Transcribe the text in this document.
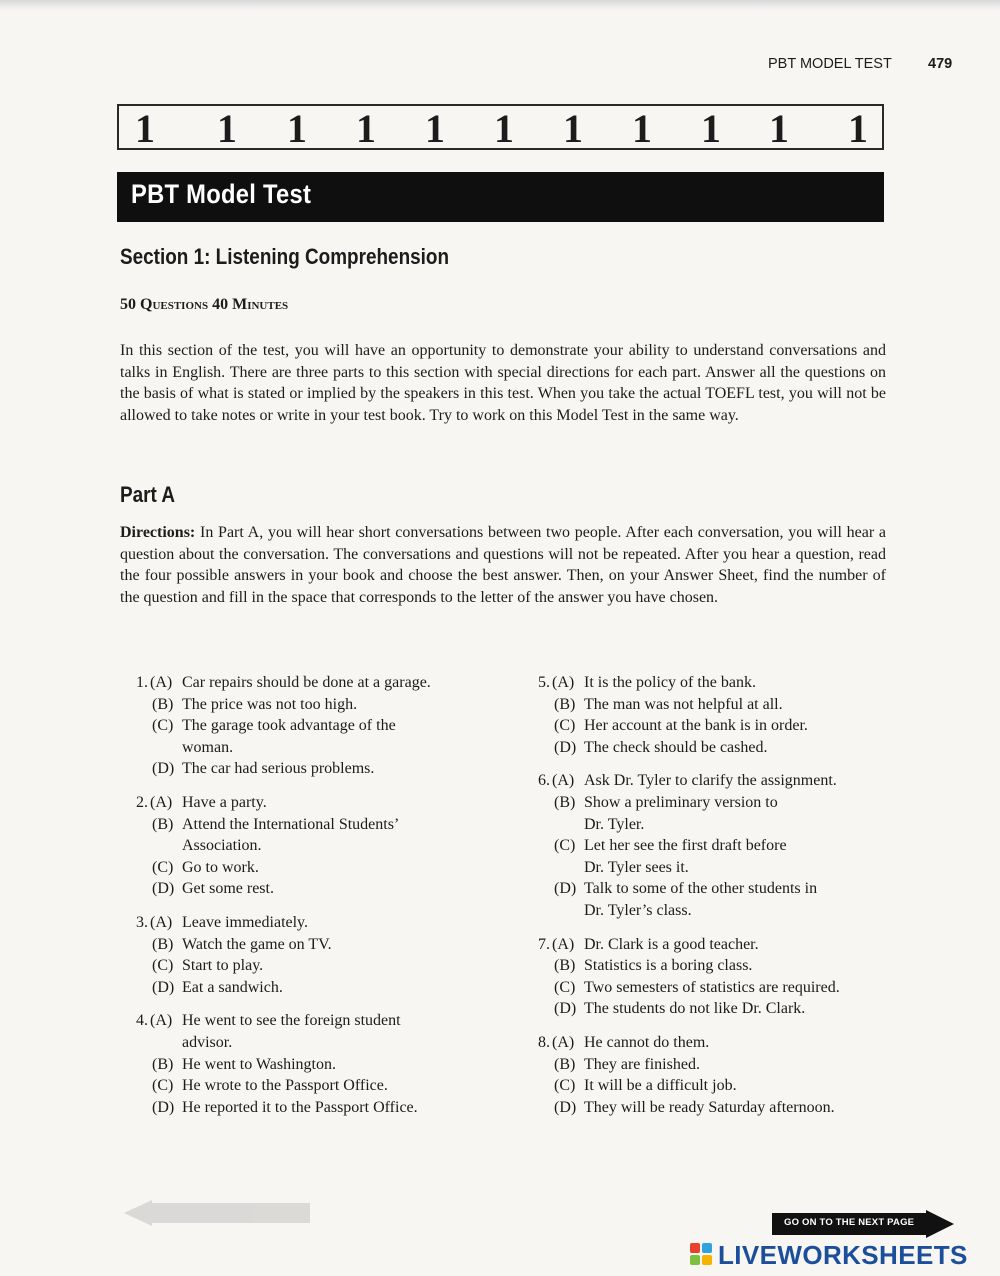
PBT MODEL TEST 479
1 1 1 1 1 1 1 1 1 1 1
PBT Model Test
Section 1: Listening Comprehension
50 Questions 40 Minutes

In this section of the test, you will have an opportunity to demonstrate your ability to understand conversations and talks in English. There are three parts to this section with special directions for each part. Answer all the questions on the basis of what is stated or implied by the speakers in this test. When you take the actual TOEFL test, you will not be allowed to take notes or write in your test book. Try to work on this Model Test in the same way.

Part A

Directions: In Part A, you will hear short conversations between two people. After each conversation, you will hear a question about the conversation. The conversations and questions will not be repeated. After you hear a question, read the four possible answers in your book and choose the best answer. Then, on your Answer Sheet, find the number of the question and fill in the space that corresponds to the letter of the answer you have chosen.

1. (A) Car repairs should be done at a garage.
(B) The price was not too high.
(C) The garage took advantage of the
woman.
(D) The car had serious problems.
2. (A) Have a party.
(B) Attend the International Students’
Association.
(C) Go to work.
(D) Get some rest.
3. (A) Leave immediately.
(B) Watch the game on TV.
(C) Start to play.
(D) Eat a sandwich.
4. (A) He went to see the foreign student
advisor.
(B) He went to Washington.
(C) He wrote to the Passport Office.
(D) He reported it to the Passport Office.
5. (A) It is the policy of the bank.
(B) The man was not helpful at all.
(C) Her account at the bank is in order.
(D) The check should be cashed.
6. (A) Ask Dr. Tyler to clarify the assignment.
(B) Show a preliminary version to
Dr. Tyler.
(C) Let her see the first draft before
Dr. Tyler sees it.
(D) Talk to some of the other students in
Dr. Tyler’s class.
7. (A) Dr. Clark is a good teacher.
(B) Statistics is a boring class.
(C) Two semesters of statistics are required.
(D) The students do not like Dr. Clark.
8. (A) He cannot do them.
(B) They are finished.
(C) It will be a difficult job.
(D) They will be ready Saturday afternoon.
GO ON TO THE NEXT PAGE
LIVEWORKSHEETS
